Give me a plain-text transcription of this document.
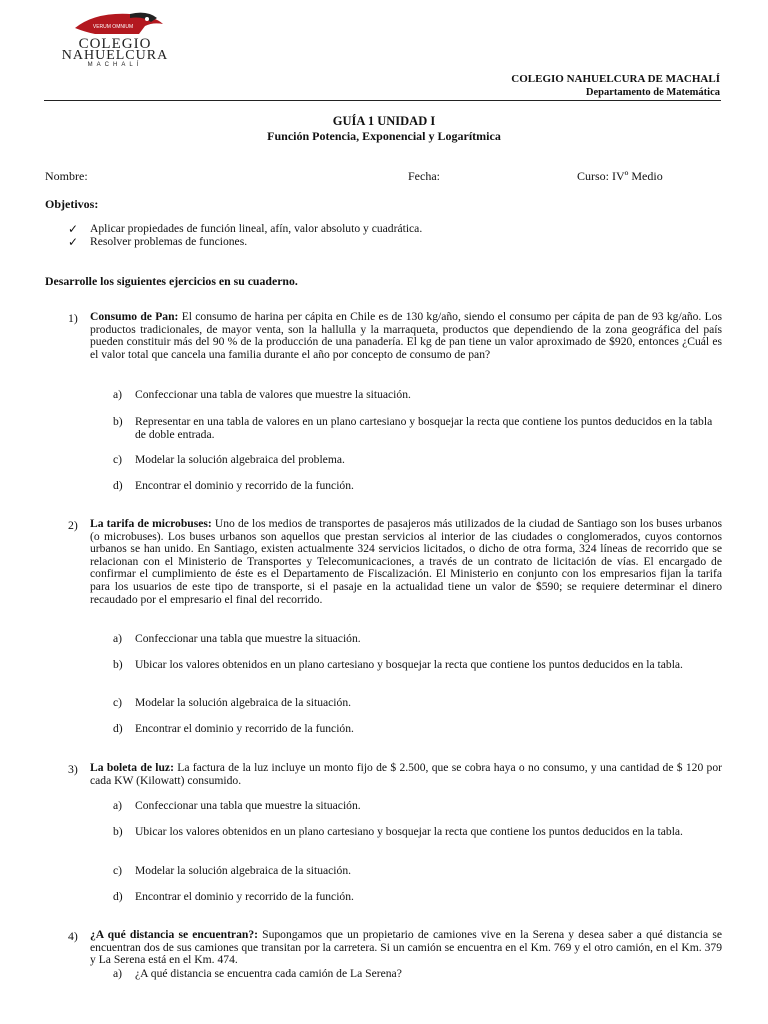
VERUM OMNIUM
COLEGIO
NAHUELCURA
MACHALÍ
COLEGIO NAHUELCURA DE MACHALÍ
Departamento de Matemática
GUÍA 1 UNIDAD I
Función Potencia, Exponencial y Logarítmica
Nombre:	Fecha:	Curso: IVº Medio
Objetivos:
✓ Aplicar propiedades de función lineal, afín, valor absoluto y cuadrática.
✓ Resolver problemas de funciones.
Desarrolle los siguientes ejercicios en su cuaderno.
1) Consumo de Pan: El consumo de harina per cápita en Chile es de 130 kg/año, siendo el consumo per cápita de pan de 93 kg/año. Los productos tradicionales, de mayor venta, son la hallulla y la marraqueta, productos que dependiendo de la zona geográfica del país pueden constituir más del 90 % de la producción de una panadería. El kg de pan tiene un valor aproximado de $920, entonces ¿Cuál es el valor total que cancela una familia durante el año por concepto de consumo de pan?
a) Confeccionar una tabla de valores que muestre la situación.
b) Representar en una tabla de valores en un plano cartesiano y bosquejar la recta que contiene los puntos deducidos en la tabla de doble entrada.
c) Modelar la solución algebraica del problema.
d) Encontrar el dominio y recorrido de la función.
2) La tarifa de microbuses: Uno de los medios de transportes de pasajeros más utilizados de la ciudad de Santiago son los buses urbanos (o microbuses). Los buses urbanos son aquellos que prestan servicios al interior de las ciudades o conglomerados, cuyos contornos urbanos se han unido. En Santiago, existen actualmente 324 servicios licitados, o dicho de otra forma, 324 líneas de recorrido que se relacionan con el Ministerio de Transportes y Telecomunicaciones, a través de un contrato de licitación de vías. El encargado de confirmar el cumplimiento de éste es el Departamento de Fiscalización. El Ministerio en conjunto con los empresarios fijan la tarifa para los usuarios de este tipo de transporte, si el pasaje en la actualidad tiene un valor de $590; se requiere determinar el dinero recaudado por el empresario el final del recorrido.
a) Confeccionar una tabla que muestre la situación.
b) Ubicar los valores obtenidos en un plano cartesiano y bosquejar la recta que contiene los puntos deducidos en la tabla.
c) Modelar la solución algebraica de la situación.
d) Encontrar el dominio y recorrido de la función.
3) La boleta de luz: La factura de la luz incluye un monto fijo de $ 2.500, que se cobra haya o no consumo, y una cantidad de $ 120 por cada KW (Kilowatt) consumido.
a) Confeccionar una tabla que muestre la situación.
b) Ubicar los valores obtenidos en un plano cartesiano y bosquejar la recta que contiene los puntos deducidos en la tabla.
c) Modelar la solución algebraica de la situación.
d) Encontrar el dominio y recorrido de la función.
4) ¿A qué distancia se encuentran?: Supongamos que un propietario de camiones vive en la Serena y desea saber a qué distancia se encuentran dos de sus camiones que transitan por la carretera. Si un camión se encuentra en el Km. 769 y el otro camión, en el Km. 379 y La Serena está en el Km. 474.
a) ¿A qué distancia se encuentra cada camión de La Serena?
